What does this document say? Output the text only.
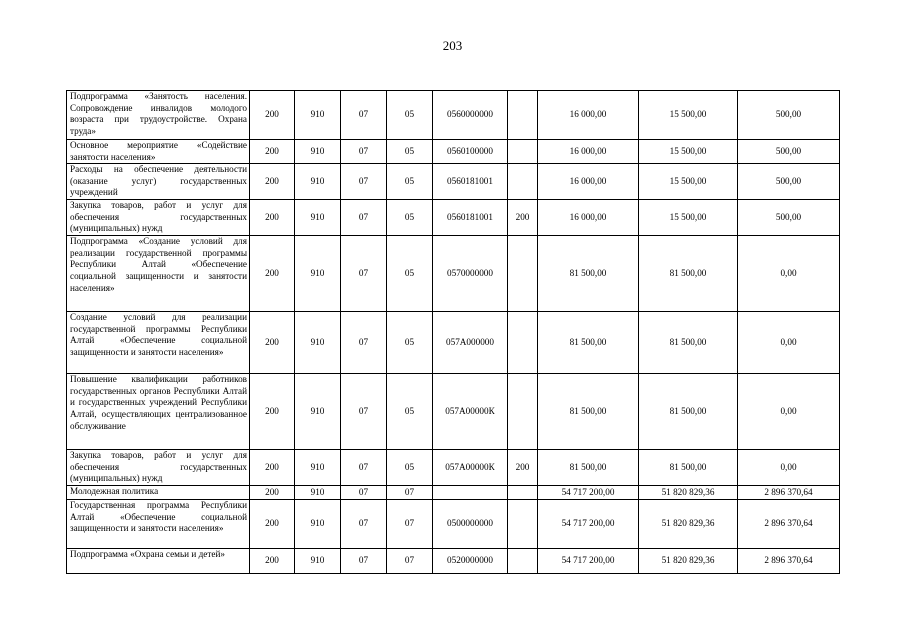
203
Подпрограмма «Занятость населения. Сопровождение инвалидов молодого возраста при трудоустройстве. Охрана труда»	200	910	07	05	0560000000		16 000,00	15 500,00	500,00
Основное мероприятие «Содействие занятости населения»	200	910	07	05	0560100000		16 000,00	15 500,00	500,00
Расходы на обеспечение деятельности (оказание услуг) государственных учреждений	200	910	07	05	0560181001		16 000,00	15 500,00	500,00
Закупка товаров, работ и услуг для обеспечения государственных (муниципальных) нужд	200	910	07	05	0560181001	200	16 000,00	15 500,00	500,00
Подпрограмма «Создание условий для реализации государственной программы Республики Алтай «Обеспечение социальной защищенности и занятости населения»	200	910	07	05	0570000000		81 500,00	81 500,00	0,00
Создание условий для реализации государственной программы Республики Алтай «Обеспечение социальной защищенности и занятости населения»	200	910	07	05	057А000000		81 500,00	81 500,00	0,00
Повышение квалификации работников государственных органов Республики Алтай и государственных учреждений Республики Алтай, осуществляющих централизованное обслуживание	200	910	07	05	057А00000К		81 500,00	81 500,00	0,00
Закупка товаров, работ и услуг для обеспечения государственных (муниципальных) нужд	200	910	07	05	057А00000К	200	81 500,00	81 500,00	0,00
Молодежная политика	200	910	07	07			54 717 200,00	51 820 829,36	2 896 370,64
Государственная программа Республики Алтай «Обеспечение социальной защищенности и занятости населения»	200	910	07	07	0500000000		54 717 200,00	51 820 829,36	2 896 370,64
Подпрограмма «Охрана семьи и детей»	200	910	07	07	0520000000		54 717 200,00	51 820 829,36	2 896 370,64
